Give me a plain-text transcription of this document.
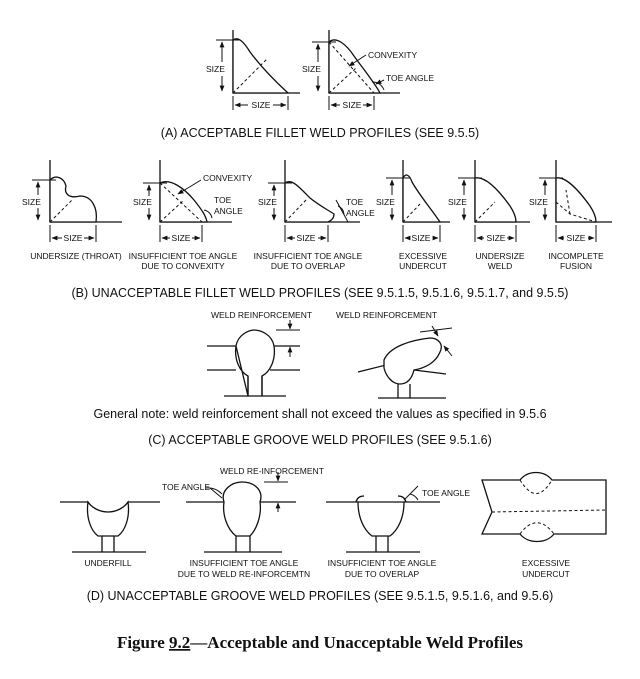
SIZE
SIZE
SIZE
SIZE
CONVEXITY
TOE ANGLE
(A) ACCEPTABLE FILLET WELD PROFILES (SEE 9.5.5)
SIZE
SIZE
UNDERSIZE (THROAT)
SIZE
SIZE
CONVEXITY
TOE
ANGLE
INSUFFICIENT TOE ANGLE
DUE TO CONVEXITY
SIZE
SIZE
TOE
ANGLE
INSUFFICIENT TOE ANGLE
DUE TO OVERLAP
SIZE
SIZE
EXCESSIVE
UNDERCUT
SIZE
SIZE
UNDERSIZE
WELD
SIZE
SIZE
INCOMPLETE
FUSION
(B) UNACCEPTABLE FILLET WELD PROFILES (SEE 9.5.1.5, 9.5.1.6, 9.5.1.7, and 9.5.5)
WELD REINFORCEMENT	WELD REINFORCEMENT
General note: weld reinforcement shall not exceed the values as specified in 9.5.6
(C) ACCEPTABLE GROOVE WELD PROFILES (SEE 9.5.1.6)
UNDERFILL
WELD RE-INFORCEMENT
TOE ANGLE
INSUFFICIENT TOE ANGLE
DUE TO WELD RE-INFORCEMTN
TOE ANGLE
INSUFFICIENT TOE ANGLE
DUE TO OVERLAP
EXCESSIVE
UNDERCUT
(D) UNACCEPTABLE GROOVE WELD PROFILES (SEE 9.5.1.5, 9.5.1.6, and 9.5.6)
Figure 9.2—Acceptable and Unacceptable Weld Profiles
